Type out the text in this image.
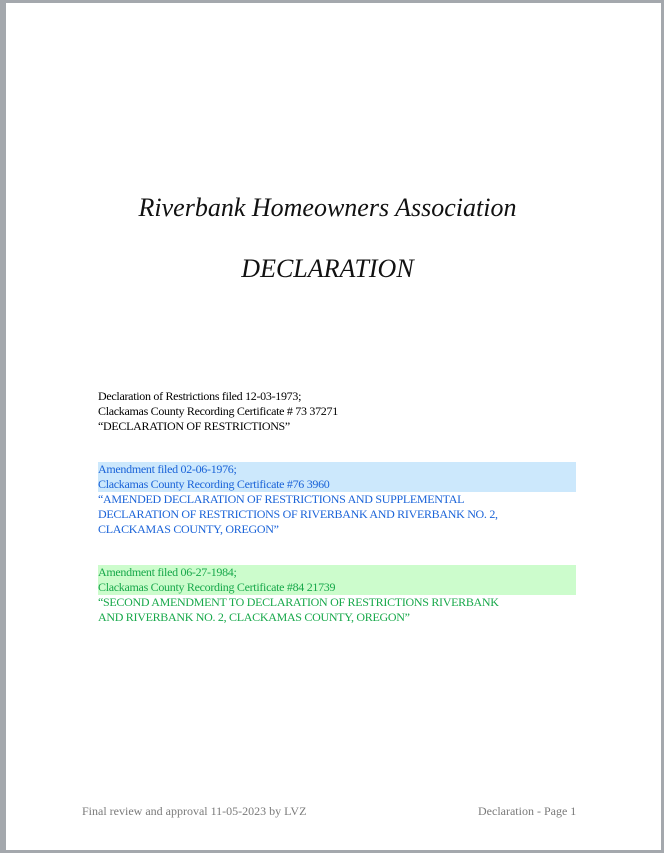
Riverbank Homeowners Association
DECLARATION
Declaration of Restrictions filed 12-03-1973;
Clackamas County Recording Certificate # 73 37271
“DECLARATION OF RESTRICTIONS”
Amendment filed 02-06-1976;
Clackamas County Recording Certificate #76 3960
“AMENDED DECLARATION OF RESTRICTIONS AND SUPPLEMENTAL
DECLARATION OF RESTRICTIONS OF RIVERBANK AND RIVERBANK NO. 2,
CLACKAMAS COUNTY, OREGON”
Amendment filed 06-27-1984;
Clackamas County Recording Certificate #84 21739
“SECOND AMENDMENT TO DECLARATION OF RESTRICTIONS RIVERBANK
AND RIVERBANK NO. 2, CLACKAMAS COUNTY, OREGON”
Final review and approval 11-05-2023 by LVZ	Declaration - Page 1
